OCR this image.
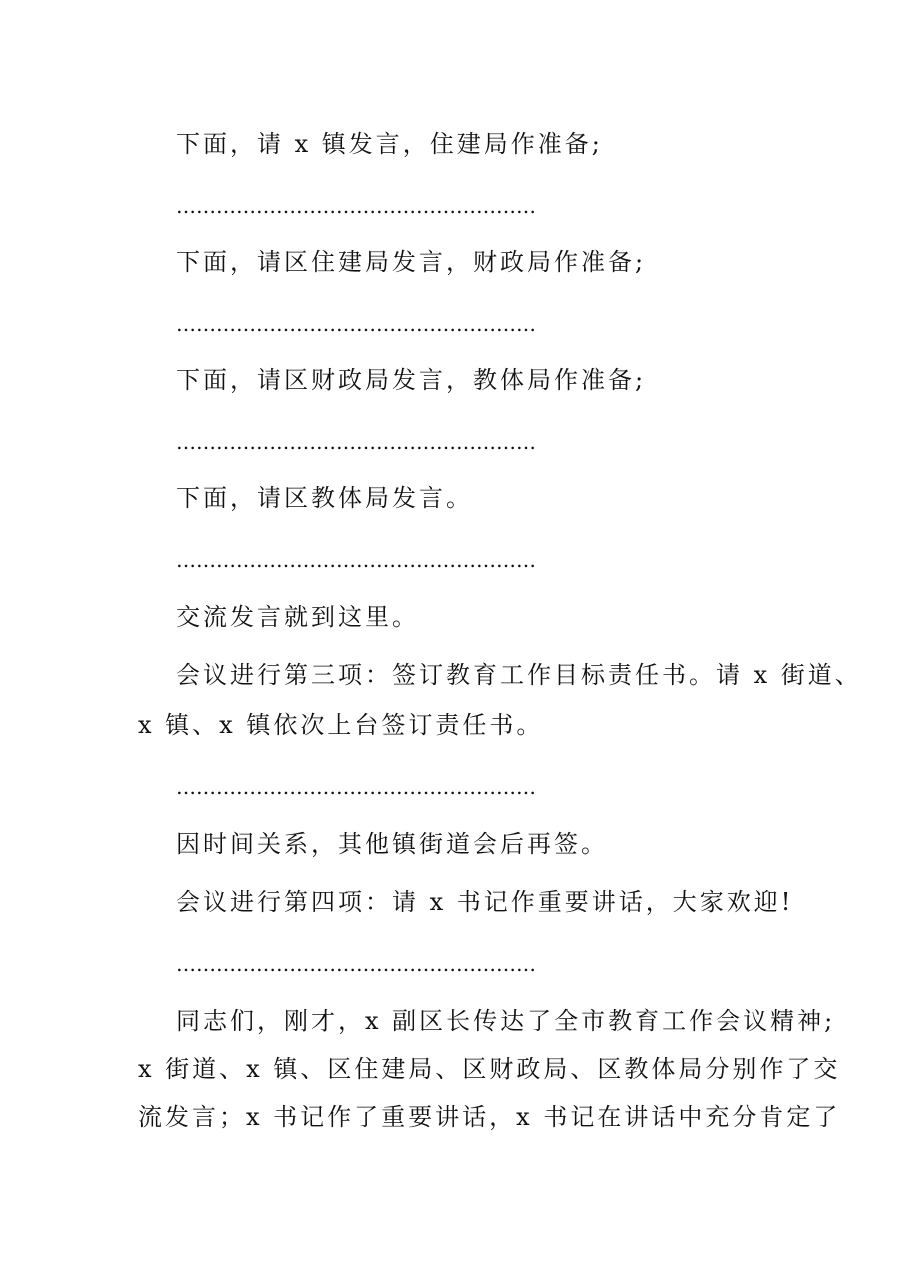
下面，请 x 镇发言，住建局作准备;
………………………………………………
下面，请区住建局发言，财政局作准备;
………………………………………………
下面，请区财政局发言，教体局作准备;
………………………………………………
下面，请区教体局发言。
………………………………………………
交流发言就到这里。
会议进行第三项：签订教育工作目标责任书。请 x 街道、
x 镇、x 镇依次上台签订责任书。
………………………………………………
因时间关系，其他镇街道会后再签。
会议进行第四项：请 x 书记作重要讲话，大家欢迎!
………………………………………………
同志们，刚才，x 副区长传达了全市教育工作会议精神;
x 街道、x 镇、区住建局、区财政局、区教体局分别作了交
流发言；x 书记作了重要讲话，x 书记在讲话中充分肯定了
